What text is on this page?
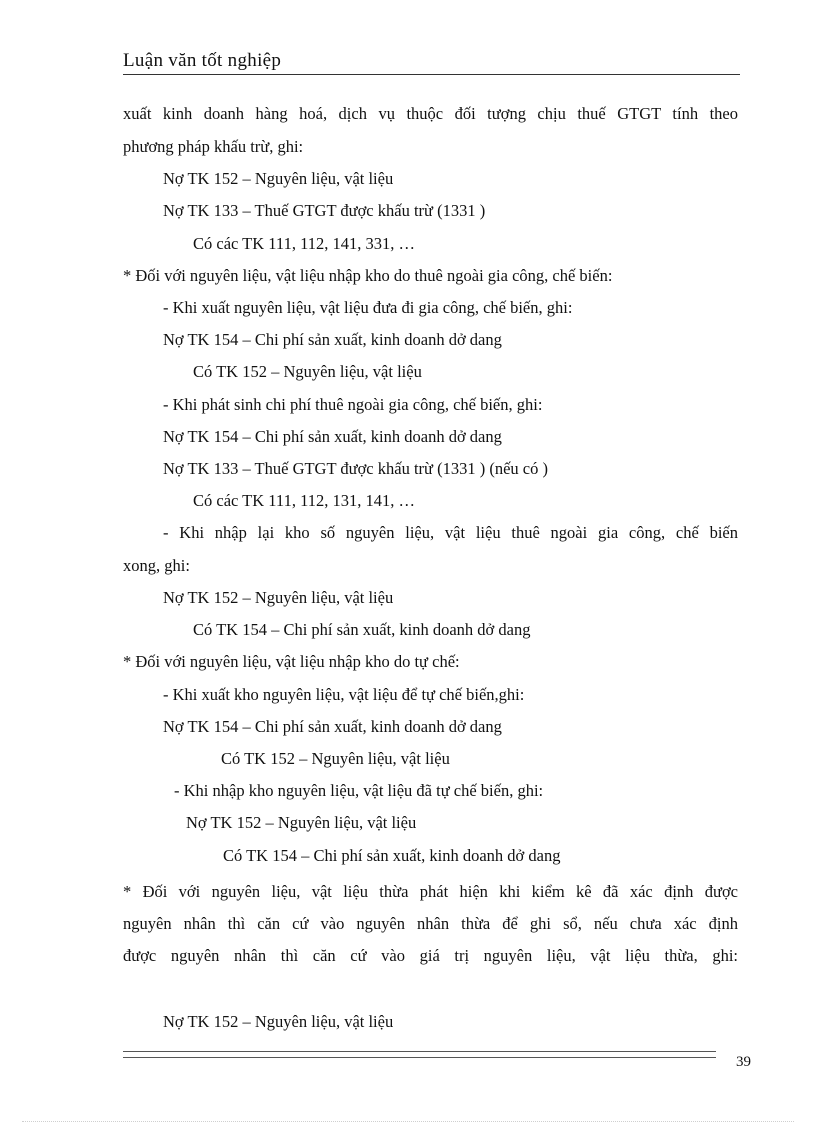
Luận văn tốt nghiệp
xuất kinh doanh hàng hoá, dịch vụ thuộc đối tượng chịu thuế GTGT tính theo
phương pháp khấu trừ, ghi:
Nợ TK 152 – Nguyên liệu, vật liệu
Nợ TK 133 – Thuế GTGT được khấu trừ (1331 )
Có các TK 111, 112, 141, 331, …
* Đối với nguyên liệu, vật liệu nhập kho do thuê ngoài gia công, chế biến:
- Khi xuất nguyên liệu, vật liệu đưa đi gia công, chế biến, ghi:
Nợ TK 154 – Chi phí sản xuất, kinh doanh dở dang
Có TK 152 – Nguyên liệu, vật liệu
- Khi phát sinh chi phí thuê ngoài gia công, chế biến, ghi:
Nợ TK 154 – Chi phí sản xuất, kinh doanh dở dang
Nợ TK 133 – Thuế GTGT được khấu trừ (1331 ) (nếu có )
Có các TK 111, 112, 131, 141, …
- Khi nhập lại kho số nguyên liệu, vật liệu thuê ngoài gia công, chế biến
xong, ghi:
Nợ TK 152 – Nguyên liệu, vật liệu
Có TK 154 – Chi phí sản xuất, kinh doanh dở dang
* Đối với nguyên liệu, vật liệu nhập kho do tự chế:
- Khi xuất kho nguyên liệu, vật liệu để tự chế biến,ghi:
Nợ TK 154 – Chi phí sản xuất, kinh doanh dở dang
Có TK 152 – Nguyên liệu, vật liệu
- Khi nhập kho nguyên liệu, vật liệu đã tự chế biến, ghi:
Nợ TK 152 – Nguyên liệu, vật liệu
Có TK 154 – Chi phí sản xuất, kinh doanh dở dang
* Đối với nguyên liệu, vật liệu thừa phát hiện khi kiểm kê đã xác định được
nguyên nhân thì căn cứ vào nguyên nhân thừa để ghi sổ, nếu chưa xác định
được nguyên nhân thì căn cứ vào giá trị nguyên liệu, vật liệu thừa, ghi:
Nợ TK 152 – Nguyên liệu, vật liệu
39
